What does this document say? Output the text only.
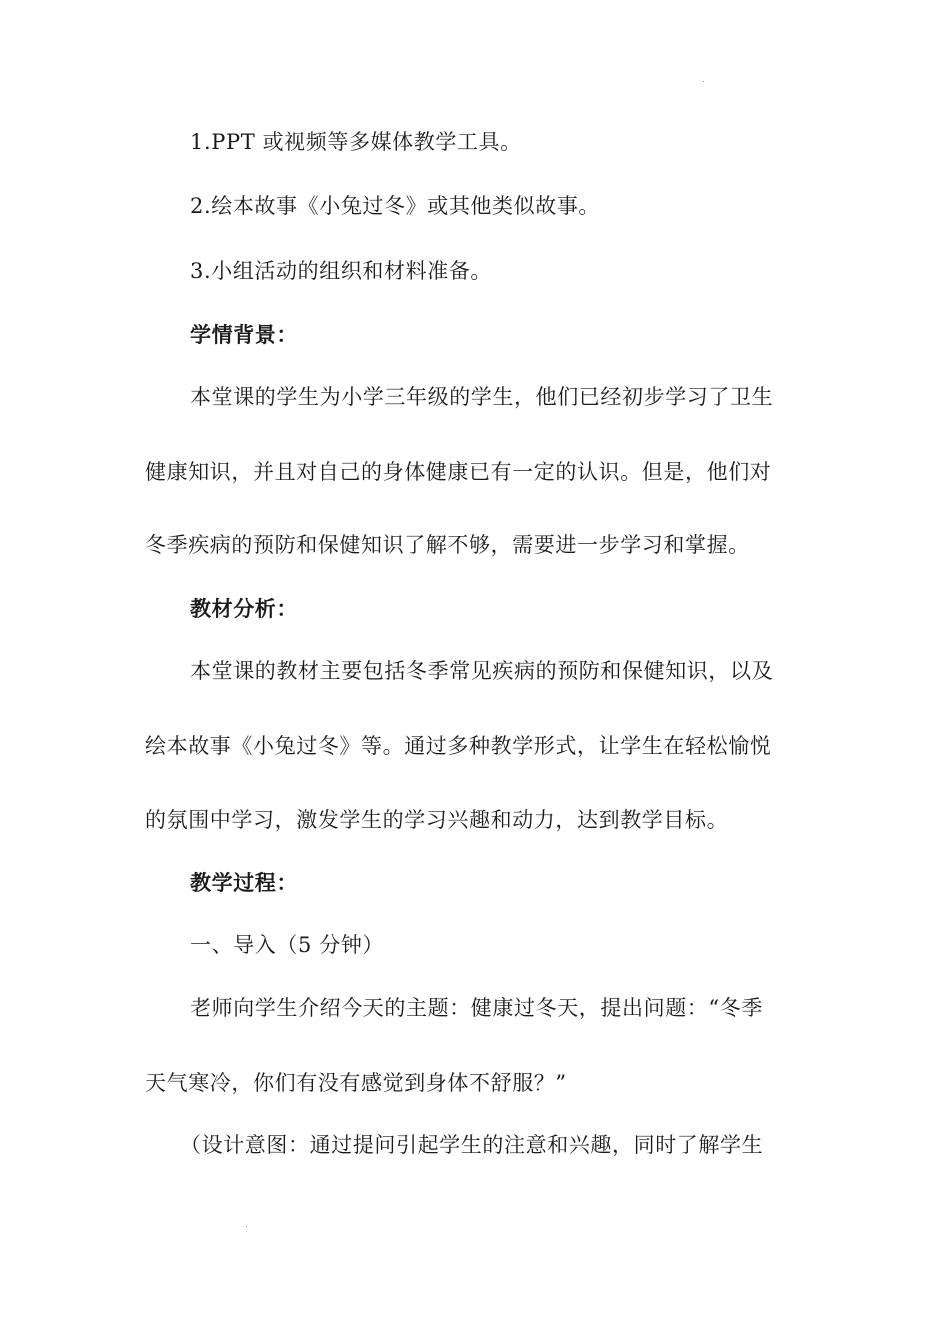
1.PPT 或视频等多媒体教学工具。
2.绘本故事《小兔过冬》或其他类似故事。
3.小组活动的组织和材料准备。
学情背景：
本堂课的学生为小学三年级的学生，他们已经初步学习了卫生
健康知识，并且对自己的身体健康已有一定的认识。但是，他们对
冬季疾病的预防和保健知识了解不够，需要进一步学习和掌握。
教材分析：
本堂课的教材主要包括冬季常见疾病的预防和保健知识，以及
绘本故事《小兔过冬》等。通过多种教学形式，让学生在轻松愉悦
的氛围中学习，激发学生的学习兴趣和动力，达到教学目标。
教学过程：
一、导入（5 分钟）
老师向学生介绍今天的主题：健康过冬天，提出问题：“冬季
天气寒冷，你们有没有感觉到身体不舒服？”
（设计意图：通过提问引起学生的注意和兴趣，同时了解学生
